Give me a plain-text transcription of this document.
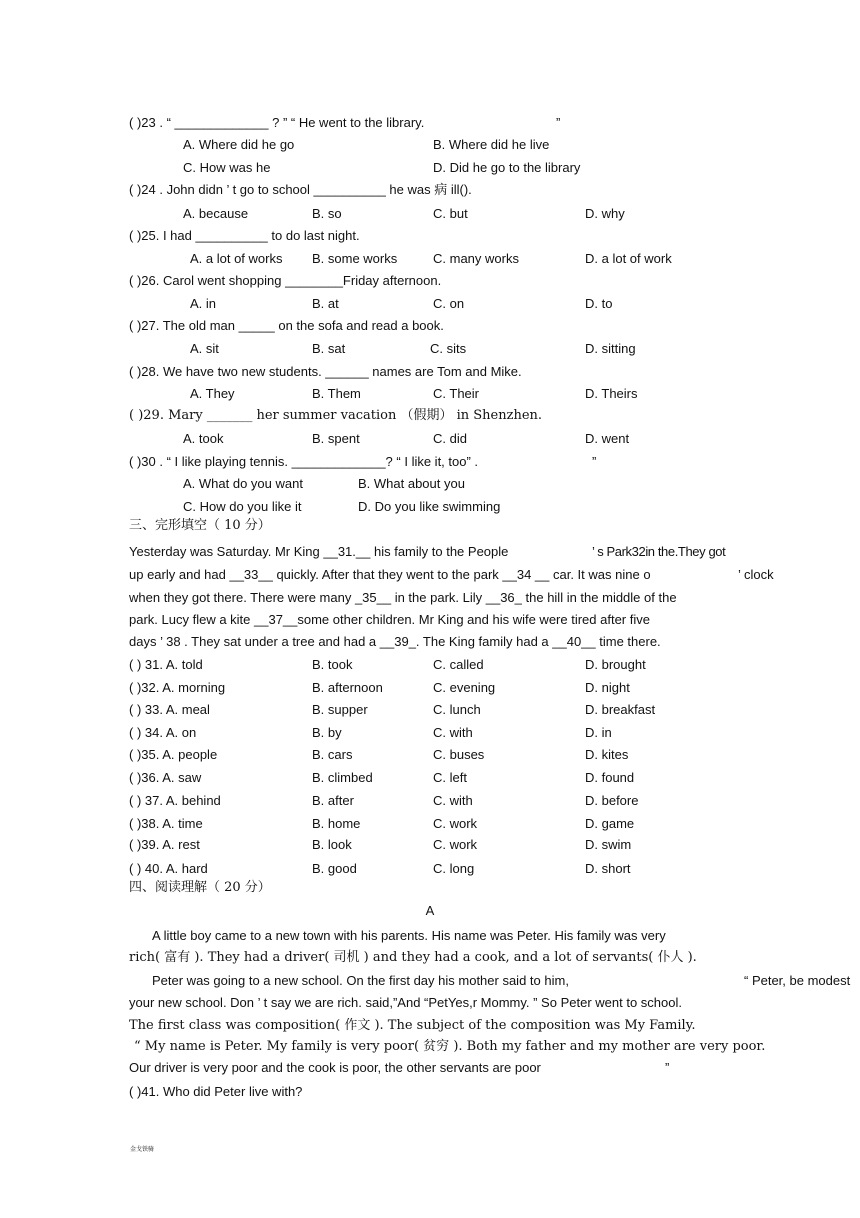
( )23 . “ _____________ ? ” “ He went to the library.	”
A. Where did he go	B. Where did he live
C. How was he	D. Did he go to the library
( )24 . John didn ’ t go to school __________ he was 病 ill().
A. because	B. so	C. but	D. why
( )25. I had __________ to do last night.
A. a lot of works B. some works	C. many works	D. a lot of work
( )26. Carol went shopping ________Friday afternoon.
A. in	B. at	C. on	D. to
( )27. The old man _____ on the sofa and read a book.
A. sit	B. sat	C. sits	D. sitting
( )28. We have two new students. ______ names are Tom and Mike.
A. They	B. Them	C. Their	D. Theirs
( )29. Mary _______ her summer vacation （假期） in Shenzhen.
A. took	B. spent	C. did	D. went
( )30 . “ I like playing tennis. _____________? “ I like it, too” .	”
A. What do you want	B. What about you
C. How do you like it	D. Do you like swimming
三、完形填空（ 10 分）
Yesterday was Saturday. Mr King __31.__ his family to the People	’ s Park32in the.They got
up early and had __33__ quickly. After that they went to the park __34 __ car. It was nine o	’ clock
when they got there. There were many _35__ in the park. Lily __36_ the hill in the middle of the
park. Lucy flew a kite __37__some other children. Mr King and his wife were tired after five
days ’ 38 . They sat under a tree and had a __39_. The King family had a __40__ time there.
( ) 31. A. told	B. took	C. called	D. brought
( )32. A. morning	B. afternoon	C. evening	D. night
( ) 33. A. meal	B. supper	C. lunch	D. breakfast
( ) 34. A. on	B. by	C. with	D. in
( )35. A. people	B. cars	C. buses	D. kites
( )36. A. saw	B. climbed	C. left	D. found
( ) 37. A. behind	B. after	C. with	D. before
( )38. A. time	B. home	C. work	D. game
( )39. A. rest	B. look	C. work	D. swim
( ) 40. A. hard	B. good	C. long	D. short
四、阅读理解（ 20 分）
A
A little boy came to a new town with his parents. His name was Peter. His family was very
rich( 富有 ). They had a driver( 司机 ) and they had a cook, and a lot of servants( 仆人 ).
Peter was going to a new school. On the first day his mother said to him,	“ Peter, be modest
your new school. Don ’ t say we are rich. said,”And “PetYes,r Mommy. ” So Peter went to school.
The first class was composition( 作文 ). The subject of the composition was My Family.
“ My name is Peter. My family is very poor( 贫穷 ). Both my father and my mother are very poor.
Our driver is very poor and the cook is poor, the other servants are poor	”
( )41. Who did Peter live with?
金戈铁骑
